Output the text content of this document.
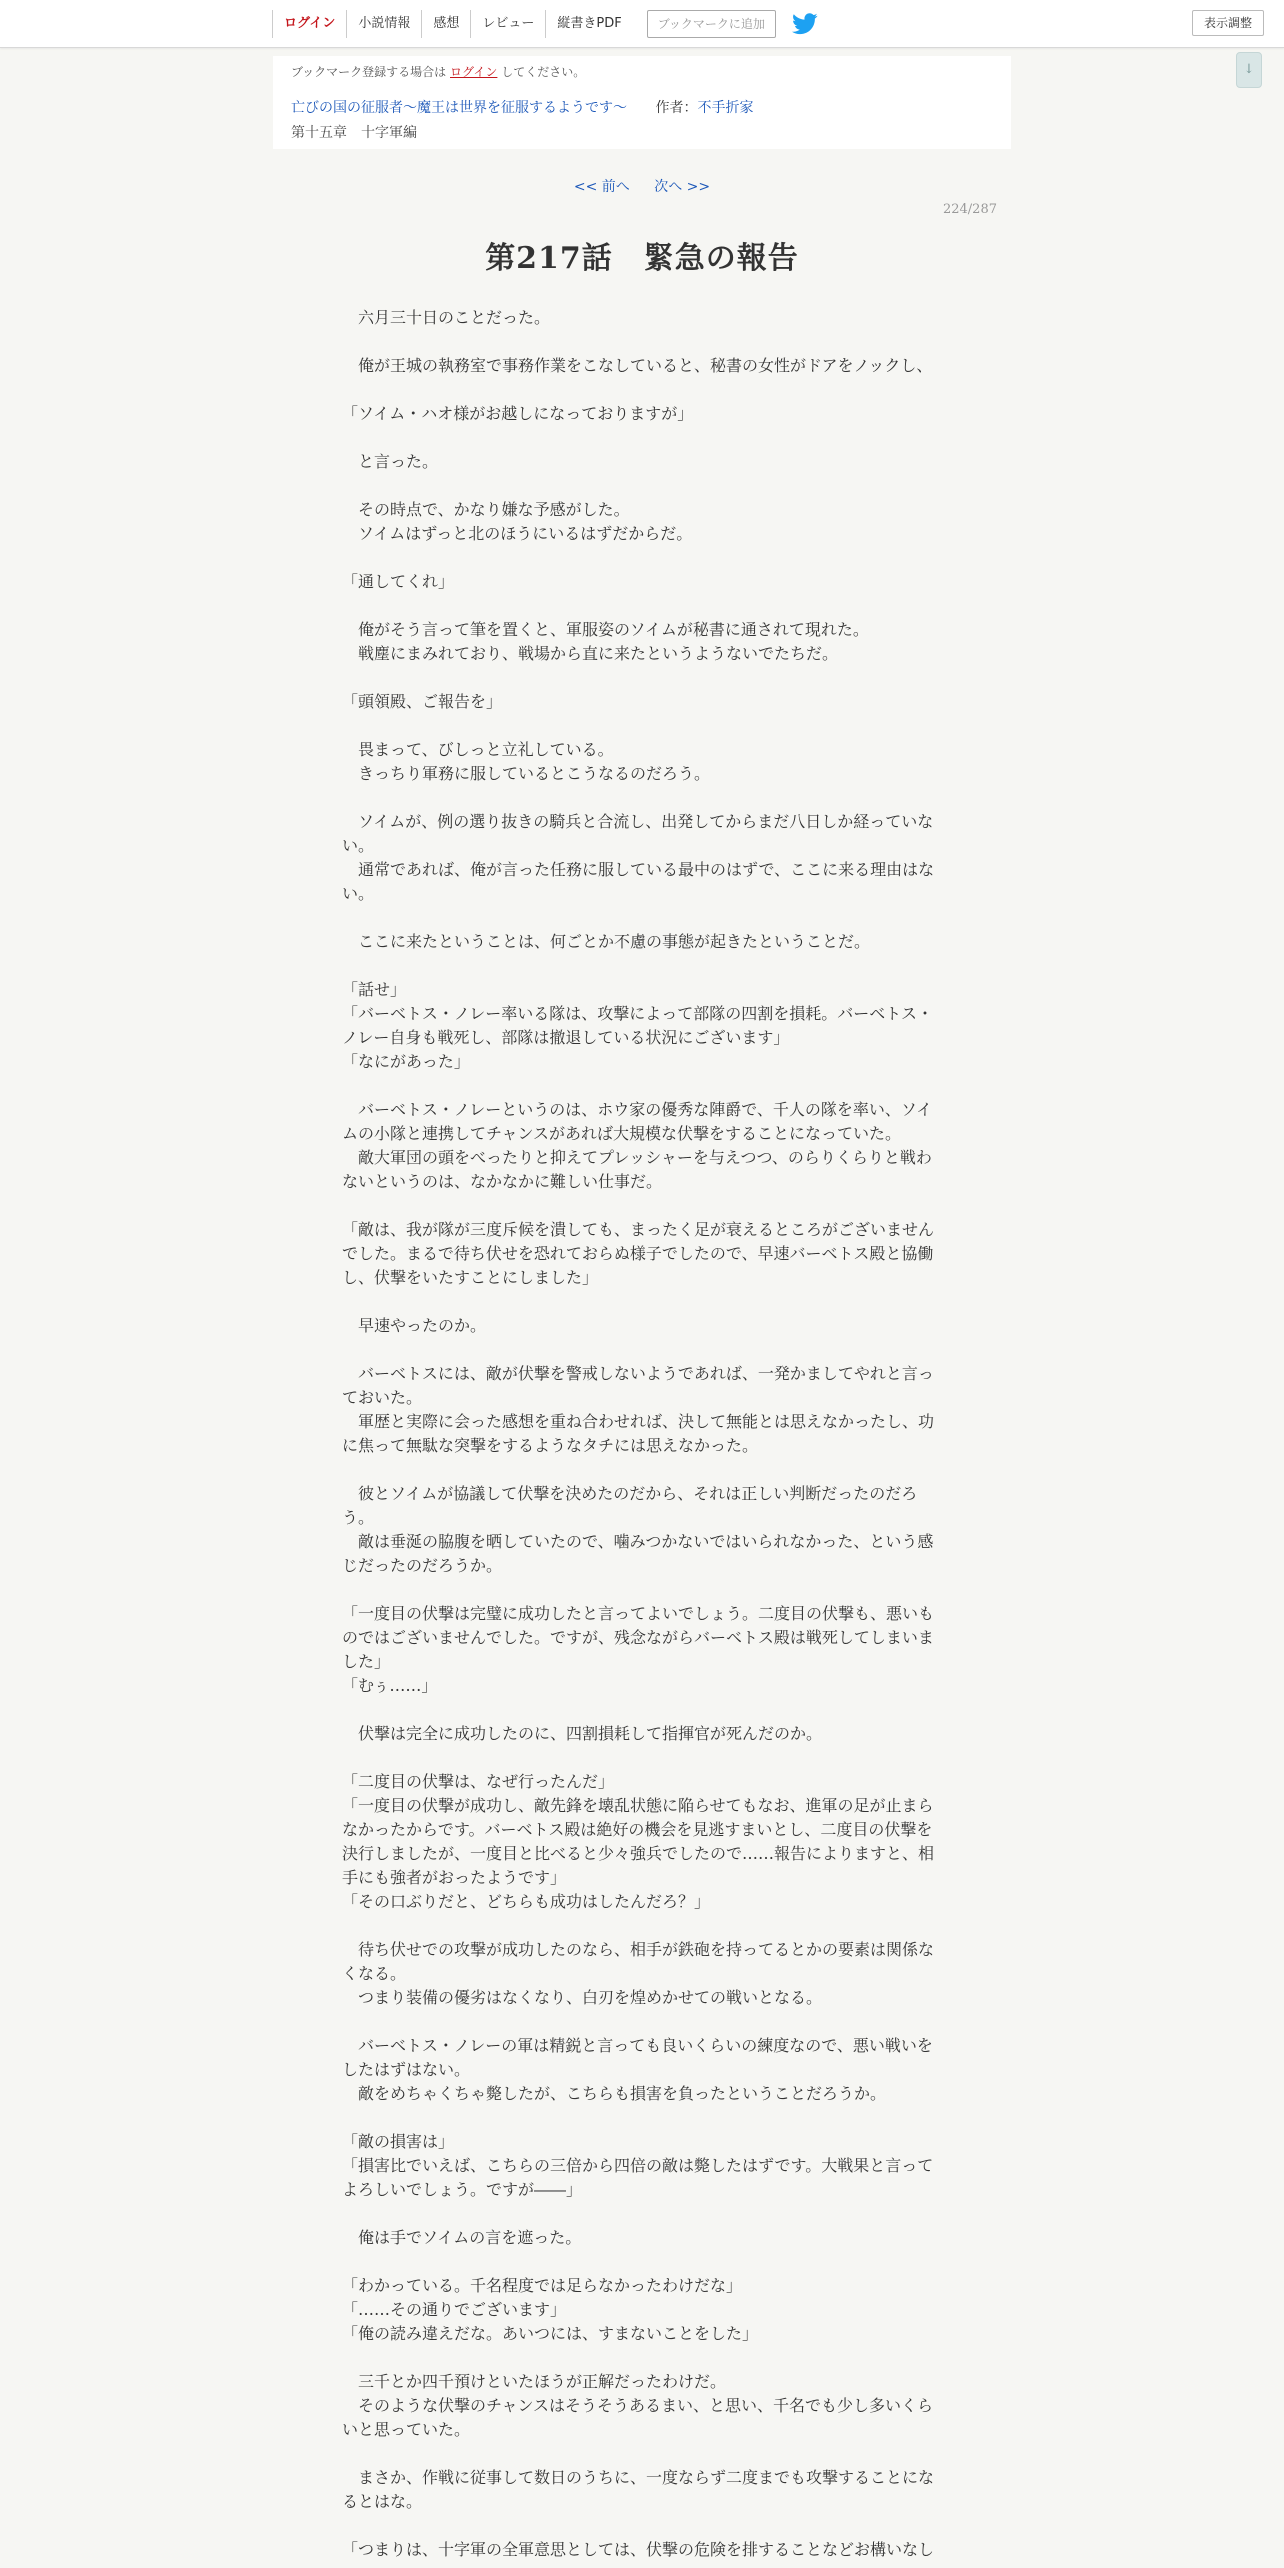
ログイン	小説情報	感想	レビュー	縦書きPDF	ブックマークに追加	表示調整
↓
ブックマーク登録する場合は ログイン してください。
亡びの国の征服者～魔王は世界を征服するようです～ 作者：不手折家
第十五章　十字軍編
<< 前へ 次へ >>
224/287
第217話　緊急の報告

　六月三十日のことだった。

　俺が王城の執務室で事務作業をこなしていると、秘書の女性がドアをノックし、

「ソイム・ハオ様がお越しになっておりますが」

　と言った。

　その時点で、かなり嫌な予感がした。

　ソイムはずっと北のほうにいるはずだからだ。

「通してくれ」

　俺がそう言って筆を置くと、軍服姿のソイムが秘書に通されて現れた。

　戦塵にまみれており、戦場から直に来たというようないでたちだ。

「頭領殿、ご報告を」

　畏まって、びしっと立礼している。

　きっちり軍務に服しているとこうなるのだろう。

　ソイムが、例の選り抜きの騎兵と合流し、出発してからまだ八日しか経っていな

い。

　通常であれば、俺が言った任務に服している最中のはずで、ここに来る理由はな

い。

　ここに来たということは、何ごとか不慮の事態が起きたということだ。

「話せ」

「バーベトス・ノレー率いる隊は、攻撃によって部隊の四割を損耗。バーベトス・

ノレー自身も戦死し、部隊は撤退している状況にございます」

「なにがあった」

　バーベトス・ノレーというのは、ホウ家の優秀な陣爵で、千人の隊を率い、ソイ

ムの小隊と連携してチャンスがあれば大規模な伏撃をすることになっていた。

　敵大軍団の頭をべったりと抑えてプレッシャーを与えつつ、のらりくらりと戦わ

ないというのは、なかなかに難しい仕事だ。

「敵は、我が隊が三度斥候を潰しても、まったく足が衰えるところがございません

でした。まるで待ち伏せを恐れておらぬ様子でしたので、早速バーベトス殿と協働

し、伏撃をいたすことにしました」

　早速やったのか。

　バーベトスには、敵が伏撃を警戒しないようであれば、一発かましてやれと言っ

ておいた。

　軍歴と実際に会った感想を重ね合わせれば、決して無能とは思えなかったし、功

に焦って無駄な突撃をするようなタチには思えなかった。

　彼とソイムが協議して伏撃を決めたのだから、それは正しい判断だったのだろ

う。

　敵は垂涎の脇腹を晒していたので、噛みつかないではいられなかった、という感

じだったのだろうか。

「一度目の伏撃は完璧に成功したと言ってよいでしょう。二度目の伏撃も、悪いも

のではございませんでした。ですが、残念ながらバーベトス殿は戦死してしまいま

した」

「むぅ……」

　伏撃は完全に成功したのに、四割損耗して指揮官が死んだのか。

「二度目の伏撃は、なぜ行ったんだ」

「一度目の伏撃が成功し、敵先鋒を壊乱状態に陥らせてもなお、進軍の足が止まら

なかったからです。バーベトス殿は絶好の機会を見逃すまいとし、二度目の伏撃を

決行しましたが、一度目と比べると少々強兵でしたので……報告によりますと、相

手にも強者がおったようです」

「その口ぶりだと、どちらも成功はしたんだろ？」

　待ち伏せでの攻撃が成功したのなら、相手が鉄砲を持ってるとかの要素は関係な

くなる。

　つまり装備の優劣はなくなり、白刃を煌めかせての戦いとなる。

　バーベトス・ノレーの軍は精鋭と言っても良いくらいの練度なので、悪い戦いを

したはずはない。

　敵をめちゃくちゃ斃したが、こちらも損害を負ったということだろうか。

「敵の損害は」

「損害比でいえば、こちらの三倍から四倍の敵は斃したはずです。大戦果と言って

よろしいでしょう。ですが――」

　俺は手でソイムの言を遮った。

「わかっている。千名程度では足らなかったわけだな」

「……その通りでございます」

「俺の読み違えだな。あいつには、すまないことをした」

　三千とか四千預けといたほうが正解だったわけだ。

　そのような伏撃のチャンスはそうそうあるまい、と思い、千名でも少し多いくら

いと思っていた。

　まさか、作戦に従事して数日のうちに、一度ならず二度までも攻撃することにな

るとはな。

「つまりは、十字軍の全軍意思としては、伏撃の危険を排することなどお構いなし
